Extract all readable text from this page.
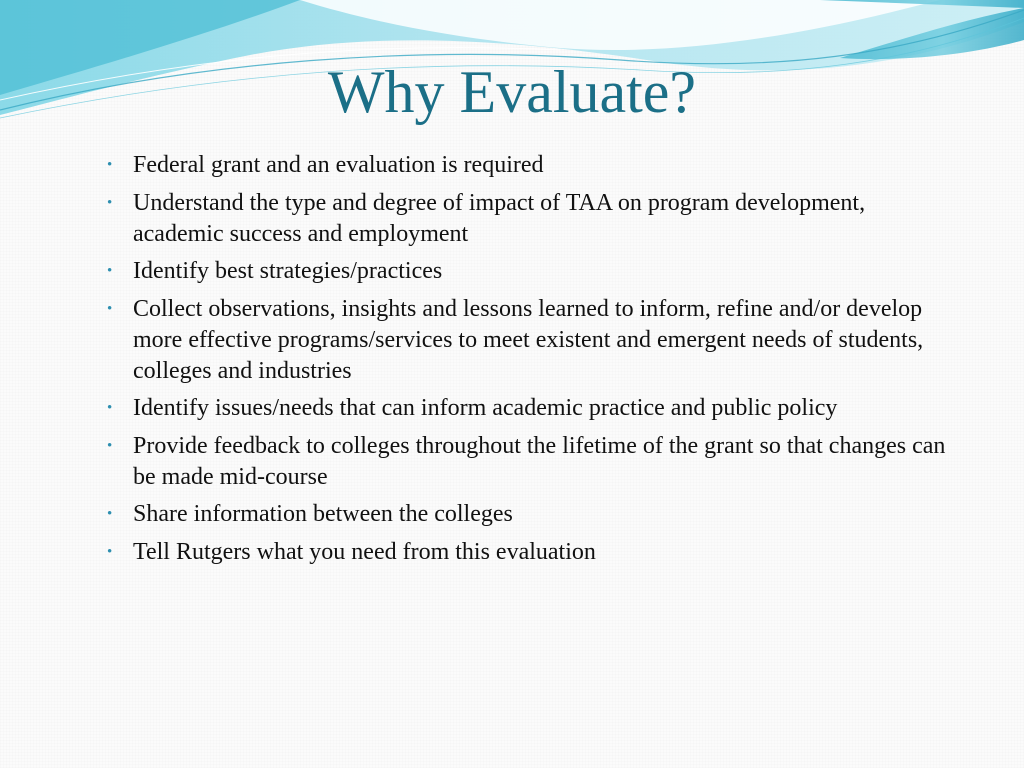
Why Evaluate?
• Federal grant and an evaluation is required
• Understand the type and degree of impact of TAA on program development, academic success and employment
• Identify best strategies/practices
• Collect observations, insights and lessons learned to inform, refine and/or develop more effective programs/services to meet existent and emergent needs of students, colleges and industries
• Identify issues/needs that can inform academic practice and public policy
• Provide feedback to colleges throughout the lifetime of the grant so that changes can be made mid-course
• Share information between the colleges
• Tell Rutgers what you need from this evaluation
